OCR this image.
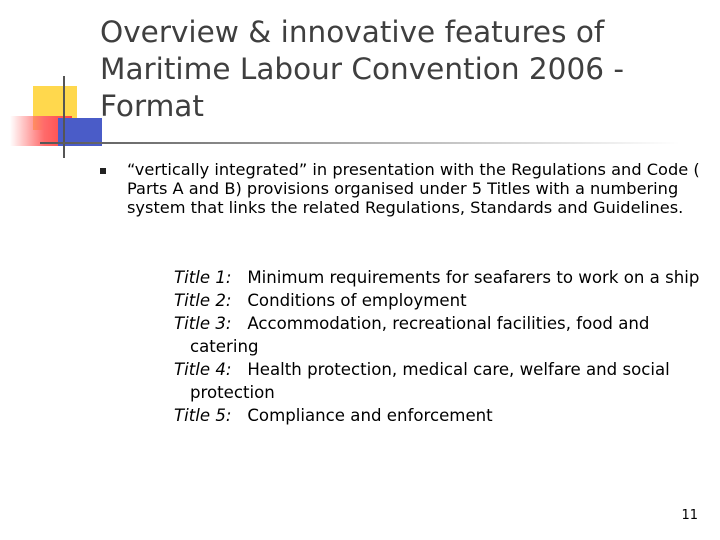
Overview & innovative features of
Maritime Labour Convention 2006 -
Format
“vertically integrated” in presentation with the Regulations and Code ( Parts A and B) provisions organised under 5 Titles with a numbering system that links the related Regulations, Standards and Guidelines.

Title 1: Minimum requirements for seafarers to work on a ship

Title 2: Conditions of employment

Title 3: Accommodation, recreational facilities, food and catering

Title 4: Health protection, medical care, welfare and social protection

Title 5: Compliance and enforcement

11
